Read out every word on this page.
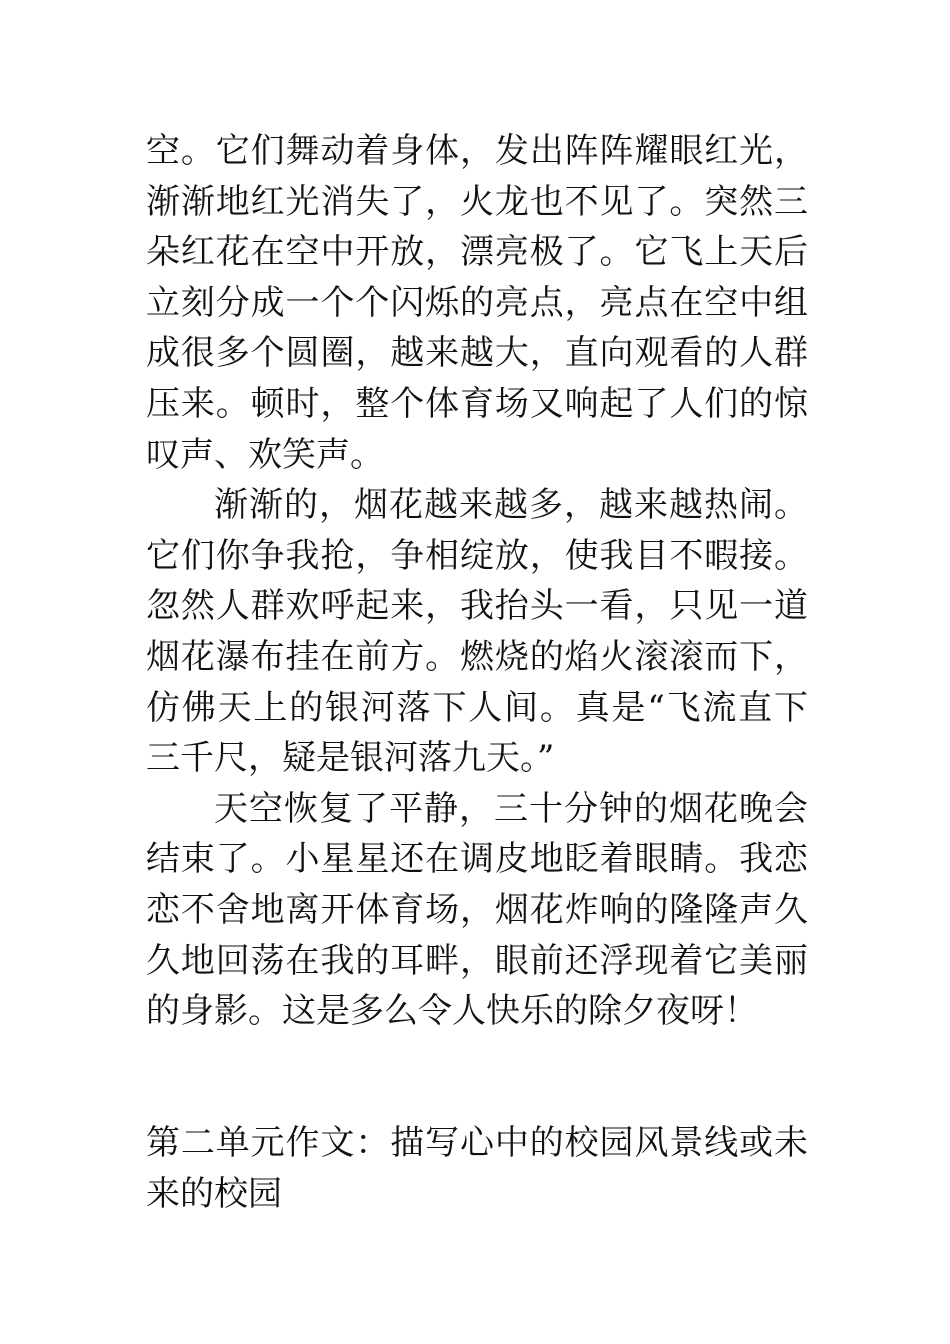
空。它们舞动着身体，发出阵阵耀眼红光，渐渐地红光消失了，火龙也不见了。突然三朵红花在空中开放，漂亮极了。它飞上天后立刻分成一个个闪烁的亮点，亮点在空中组成很多个圆圈，越来越大，直向观看的人群压来。顿时，整个体育场又响起了人们的惊叹声、欢笑声。

渐渐的，烟花越来越多，越来越热闹。它们你争我抢，争相绽放，使我目不暇接。忽然人群欢呼起来，我抬头一看，只见一道烟花瀑布挂在前方。燃烧的焰火滚滚而下，仿佛天上的银河落下人间。真是“飞流直下三千尺，疑是银河落九天。”

天空恢复了平静，三十分钟的烟花晚会结束了。小星星还在调皮地眨着眼睛。我恋恋不舍地离开体育场，烟花炸响的隆隆声久久地回荡在我的耳畔，眼前还浮现着它美丽的身影。这是多么令人快乐的除夕夜呀！

第二单元作文：描写心中的校园风景线或未来的校园
